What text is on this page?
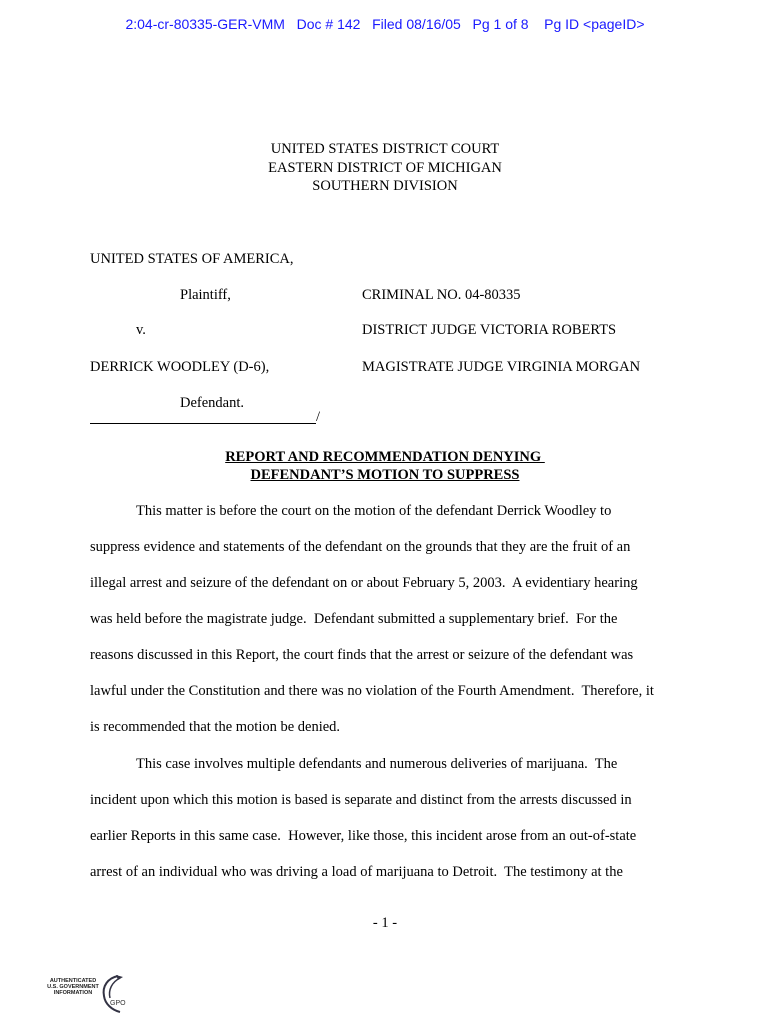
2:04-cr-80335-GER-VMM   Doc # 142   Filed 08/16/05   Pg 1 of 8    Pg ID <pageID>
UNITED STATES DISTRICT COURT
EASTERN DISTRICT OF MICHIGAN
SOUTHERN DIVISION
UNITED STATES OF AMERICA,
Plaintiff,
v.
DERRICK WOODLEY (D-6),
Defendant.
/
CRIMINAL NO. 04-80335
DISTRICT JUDGE VICTORIA ROBERTS
MAGISTRATE JUDGE VIRGINIA MORGAN
REPORT AND RECOMMENDATION DENYING
DEFENDANT’S MOTION TO SUPPRESS
This matter is before the court on the motion of the defendant Derrick Woodley to
suppress evidence and statements of the defendant on the grounds that they are the fruit of an
illegal arrest and seizure of the defendant on or about February 5, 2003.  A evidentiary hearing
was held before the magistrate judge.  Defendant submitted a supplementary brief.  For the
reasons discussed in this Report, the court finds that the arrest or seizure of the defendant was
lawful under the Constitution and there was no violation of the Fourth Amendment.  Therefore, it
is recommended that the motion be denied.
This case involves multiple defendants and numerous deliveries of marijuana.  The
incident upon which this motion is based is separate and distinct from the arrests discussed in
earlier Reports in this same case.  However, like those, this incident arose from an out-of-state
arrest of an individual who was driving a load of marijuana to Detroit.  The testimony at the
- 1 -
AUTHENTICATED
U.S. GOVERNMENT
INFORMATION
GPO
